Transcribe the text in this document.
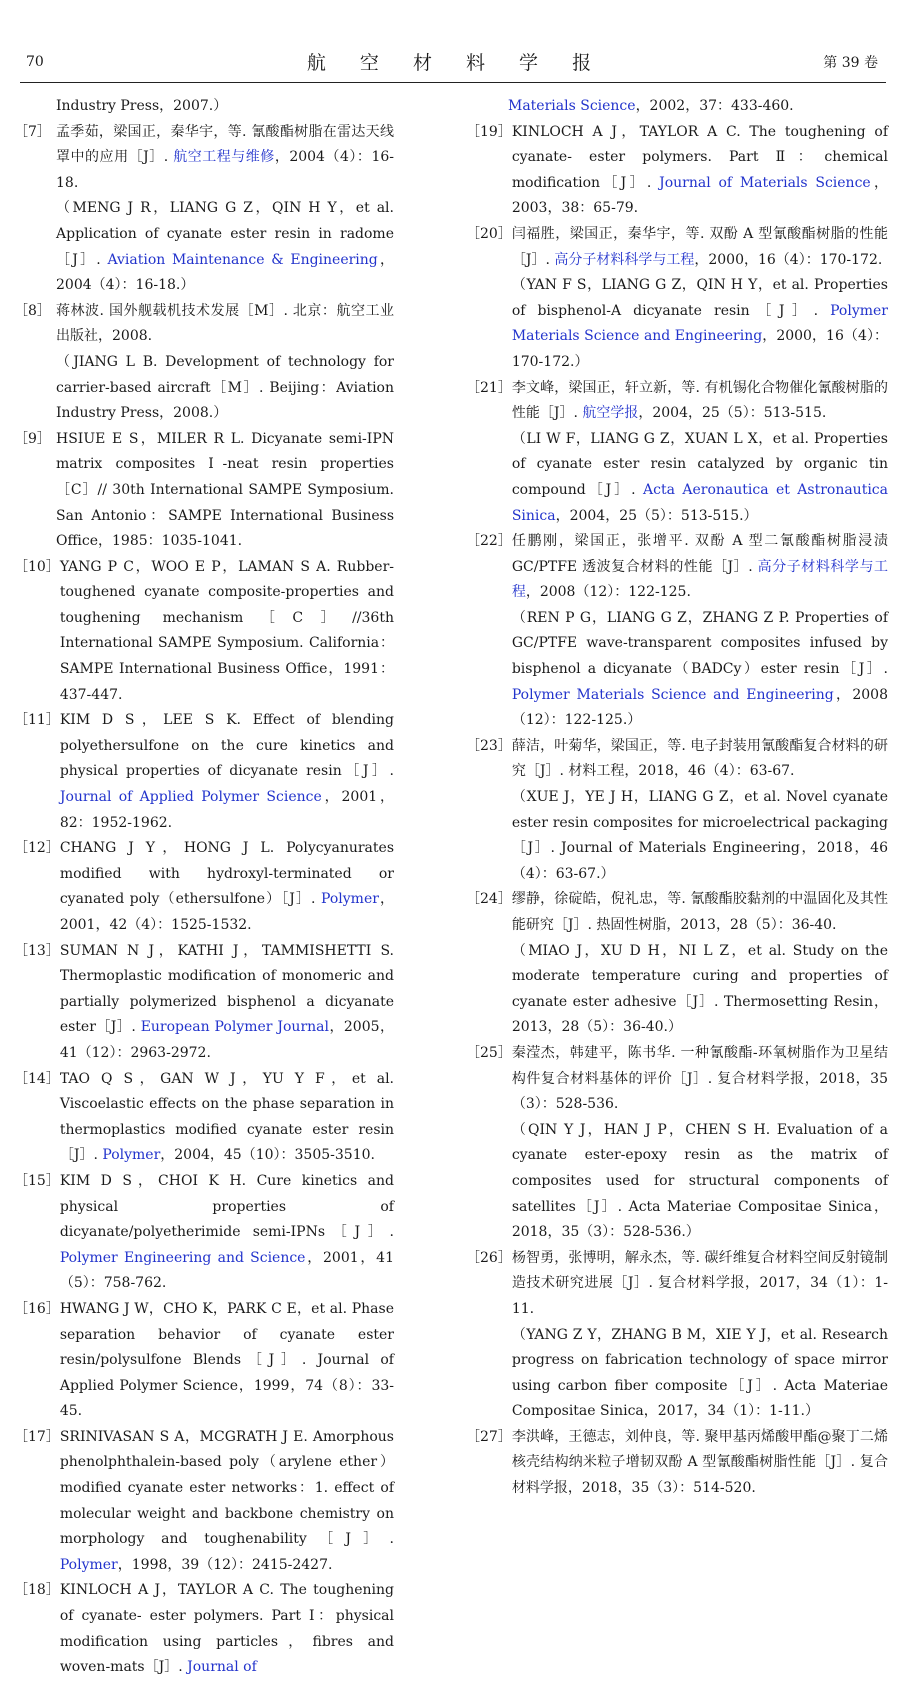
70	航 空 材 料 学 报	第 39 卷
Industry Press，2007.）
［7］ 孟季茹，梁国正，秦华宇，等. 氰酸酯树脂在雷达天线罩中的应用［J］. 航空工程与维修，2004（4）：16-18.
（MENG J R，LIANG G Z，QIN H Y，et al. Application of cyanate ester resin in radome［J］. Aviation Maintenance & Engineering，2004（4）：16-18.）
［8］ 蒋林波. 国外舰载机技术发展［M］. 北京：航空工业出版社，2008.
（JIANG L B. Development of technology for carrier-based aircraft［M］. Beijing：Aviation Industry Press，2008.）
［9］ HSIUE E S，MILER R L. Dicyanate semi-IPN matrix composites Ⅰ-neat resin properties［C］// 30th International SAMPE Symposium. San Antonio：SAMPE International Business Office，1985：1035-1041.
［10］ YANG P C，WOO E P，LAMAN S A. Rubber-toughened cyanate composite-properties and toughening mechanism［C］//36th International SAMPE Symposium. California：SAMPE International Business Office，1991：437-447.
［11］ KIM D S，LEE S K. Effect of blending polyethersulfone on the cure kinetics and physical properties of dicyanate resin［J］. Journal of Applied Polymer Science，2001，82：1952-1962.
［12］ CHANG J Y，HONG J L. Polycyanurates modified with hydroxyl-terminated or cyanated poly（ethersulfone）［J］. Polymer，2001，42（4）：1525-1532.
［13］ SUMAN N J，KATHI J，TAMMISHETTI S. Thermoplastic modification of monomeric and partially polymerized bisphenol a dicyanate ester［J］. European Polymer Journal，2005，41（12）：2963-2972.
［14］ TAO Q S，GAN W J，YU Y F，et al. Viscoelastic effects on the phase separation in thermoplastics modified cyanate ester resin［J］. Polymer，2004，45（10）：3505-3510.
［15］ KIM D S，CHOI K H. Cure kinetics and physical properties of dicyanate/polyetherimide semi-IPNs［J］. Polymer Engineering and Science，2001，41（5）：758-762.
［16］ HWANG J W，CHO K，PARK C E，et al. Phase separation behavior of cyanate ester resin/polysulfone Blends［J］. Journal of Applied Polymer Science，1999，74（8）：33-45.
［17］ SRINIVASAN S A，MCGRATH J E. Amorphous phenolphthalein-based poly（arylene ether）modified cyanate ester networks：1. effect of molecular weight and backbone chemistry on morphology and toughenability［J］. Polymer，1998，39（12）：2415-2427.
［18］ KINLOCH A J，TAYLOR A C. The toughening of cyanate- ester polymers. Part Ⅰ：physical modification using particles，fibres and woven-mats［J］. Journal of
Materials Science，2002，37：433-460.
［19］ KINLOCH A J，TAYLOR A C. The toughening of cyanate- ester polymers. Part Ⅱ：chemical modification［J］. Journal of Materials Science，2003，38：65-79.
［20］ 闫福胜，梁国正，秦华宇，等. 双酚 A 型氰酸酯树脂的性能［J］. 高分子材料科学与工程，2000，16（4）：170-172.
（YAN F S，LIANG G Z，QIN H Y，et al. Properties of bisphenol-A dicyanate resin［J］. Polymer Materials Science and Engineering，2000，16（4）：170-172.）
［21］ 李文峰，梁国正，轩立新，等. 有机锡化合物催化氰酸树脂的性能［J］. 航空学报，2004，25（5）：513-515.
（LI W F，LIANG G Z，XUAN L X，et al. Properties of cyanate ester resin catalyzed by organic tin compound［J］. Acta Aeronautica et Astronautica Sinica，2004，25（5）：513-515.）
［22］ 任鹏刚，梁国正，张增平. 双酚 A 型二氰酸酯树脂浸渍 GC/PTFE 透波复合材料的性能［J］. 高分子材料科学与工程，2008（12）：122-125.
（REN P G，LIANG G Z，ZHANG Z P. Properties of GC/PTFE wave-transparent composites infused by bisphenol a dicyanate（BADCy）ester resin［J］. Polymer Materials Science and Engineering，2008（12）：122-125.）
［23］ 薛洁，叶菊华，梁国正，等. 电子封装用氰酸酯复合材料的研究［J］. 材料工程，2018，46（4）：63-67.
（XUE J，YE J H，LIANG G Z，et al. Novel cyanate ester resin composites for microelectrical packaging［J］. Journal of Materials Engineering，2018，46（4）：63-67.）
［24］ 缪静，徐碇皓，倪礼忠，等. 氰酸酯胶黏剂的中温固化及其性能研究［J］. 热固性树脂，2013，28（5）：36-40.
（MIAO J，XU D H，NI L Z，et al. Study on the moderate temperature curing and properties of cyanate ester adhesive［J］. Thermosetting Resin，2013，28（5）：36-40.）
［25］ 秦滢杰，韩建平，陈书华. 一种氰酸酯-环氧树脂作为卫星结构件复合材料基体的评价［J］. 复合材料学报，2018，35（3）：528-536.
（QIN Y J，HAN J P，CHEN S H. Evaluation of a cyanate ester-epoxy resin as the matrix of composites used for structural components of satellites［J］. Acta Materiae Compositae Sinica，2018，35（3）：528-536.）
［26］ 杨智勇，张博明，解永杰，等. 碳纤维复合材料空间反射镜制造技术研究进展［J］. 复合材料学报，2017，34（1）：1-11.
（YANG Z Y，ZHANG B M，XIE Y J，et al. Research progress on fabrication technology of space mirror using carbon fiber composite［J］. Acta Materiae Compositae Sinica，2017，34（1）：1-11.）
［27］ 李洪峰，王德志，刘仲良，等. 聚甲基丙烯酸甲酯@聚丁二烯核壳结构纳米粒子增韧双酚 A 型氰酸酯树脂性能［J］. 复合材料学报，2018，35（3）：514-520.
